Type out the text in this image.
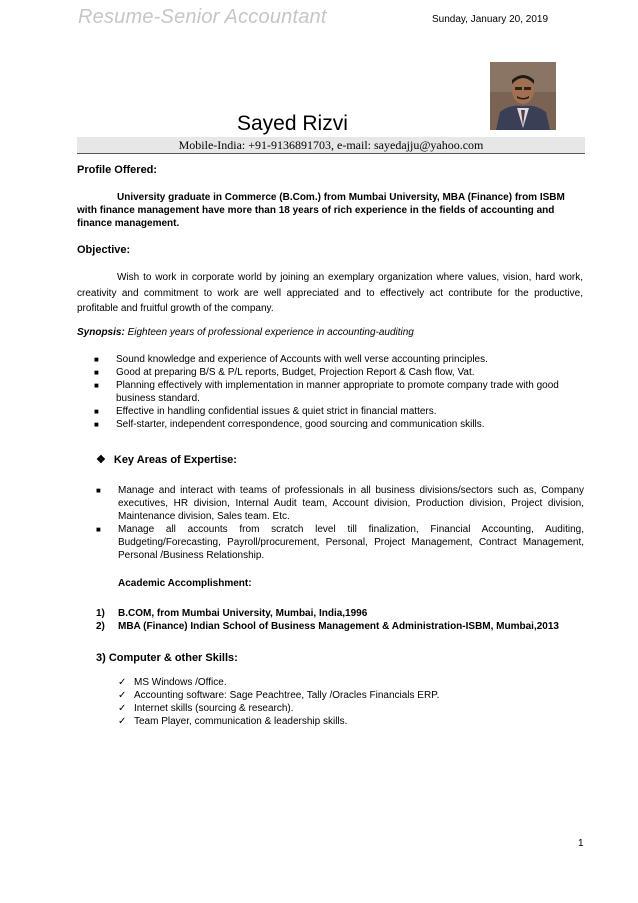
Resume-Senior Accountant	Sunday, January 20, 2019
Sayed Rizvi
Mobile-India: +91-9136891703, e-mail: sayedajju@yahoo.com
Profile Offered:
University graduate in Commerce (B.Com.) from Mumbai University, MBA (Finance) from ISBM with finance management have more than 18 years of rich experience in the fields of accounting and finance management.
Objective:
Wish to work in corporate world by joining an exemplary organization where values, vision, hard work, creativity and commitment to work are well appreciated and to effectively act contribute for the productive, profitable and fruitful growth of the company.
Synopsis: Eighteen years of professional experience in accounting-auditing
■ Sound knowledge and experience of Accounts with well verse accounting principles.
■ Good at preparing B/S & P/L reports, Budget, Projection Report & Cash flow, Vat.
■ Planning effectively with implementation in manner appropriate to promote company trade with good business standard.
■ Effective in handling confidential issues & quiet strict in financial matters.
■ Self-starter, independent correspondence, good sourcing and communication skills.
❖ Key Areas of Expertise:
■ Manage and interact with teams of professionals in all business divisions/sectors such as, Company executives, HR division, Internal Audit team, Account division, Production division, Project division, Maintenance division, Sales team. Etc.
■ Manage all accounts from scratch level till finalization, Financial Accounting, Auditing, Budgeting/Forecasting, Payroll/procurement, Personal, Project Management, Contract Management, Personal /Business Relationship.
Academic Accomplishment:
1) B.COM, from Mumbai University, Mumbai, India,1996
2) MBA (Finance) Indian School of Business Management & Administration-ISBM, Mumbai,2013
3) Computer & other Skills:
✓ MS Windows /Office.
✓ Accounting software: Sage Peachtree, Tally /Oracles Financials ERP.
✓ Internet skills (sourcing & research).
✓ Team Player, communication & leadership skills.
1
